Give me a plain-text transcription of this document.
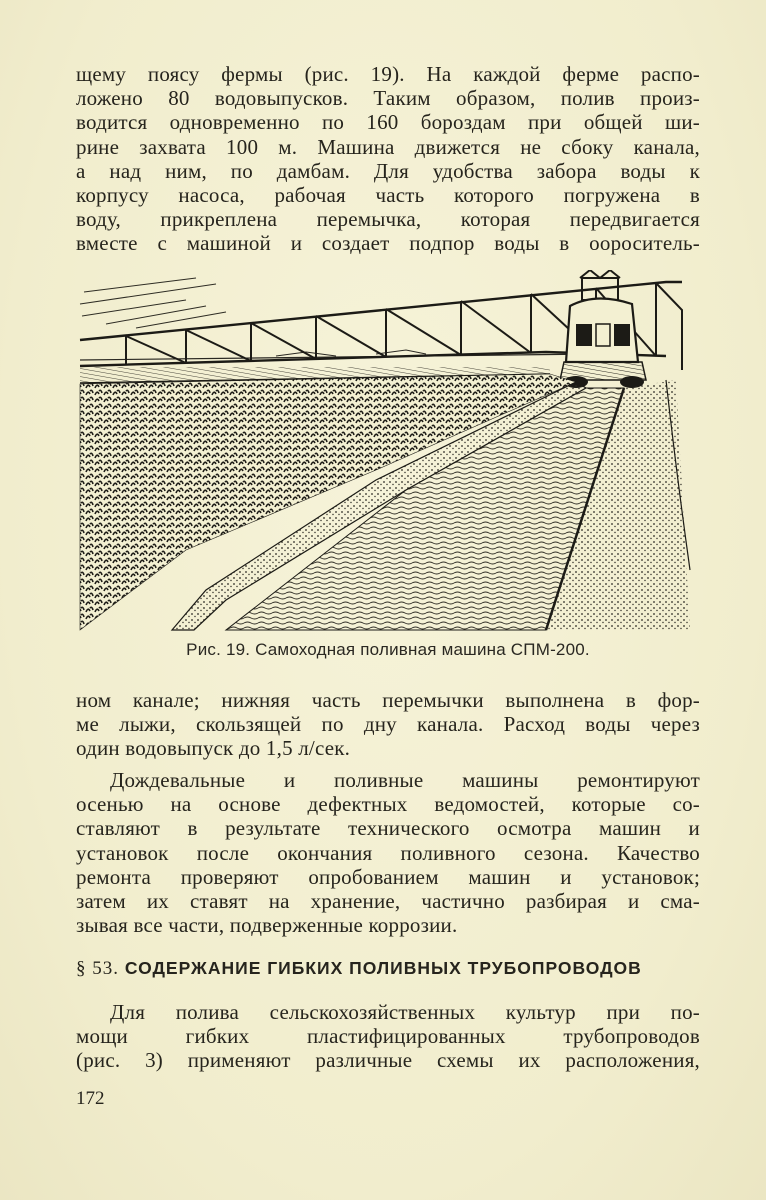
щему поясу фермы (рис. 19). На каждой ферме распо-
ложено 80 водовыпусков. Таким образом, полив произ-
водится одновременно по 160 бороздам при общей ши-
рине захвата 100 м. Машина движется не сбоку канала,
а над ним, по дамбам. Для удобства забора воды к
корпусу насоса, рабочая часть которого погружена в
воду, прикреплена перемычка, которая передвигается
вместе с машиной и создает подпор воды в оороситель-

Рис. 19. Самоходная поливная машина СПМ-200.

ном канале; нижняя часть перемычки выполнена в фор-
ме лыжи, скользящей по дну канала. Расход воды через
один водовыпуск до 1,5 л/сек.

Дождевальные и поливные машины ремонтируют
осенью на основе дефектных ведомостей, которые со-
ставляют в результате технического осмотра машин и
установок после окончания поливного сезона. Качество
ремонта проверяют опробованием машин и установок;
затем их ставят на хранение, частично разбирая и сма-
зывая все части, подверженные коррозии.

§ 53. СОДЕРЖАНИЕ ГИБКИХ ПОЛИВНЫХ ТРУБОПРОВОДОВ

Для полива сельскохозяйственных культур при по-
мощи гибких пластифицированных трубопроводов
(рис. 3) применяют различные схемы их расположения,

172
